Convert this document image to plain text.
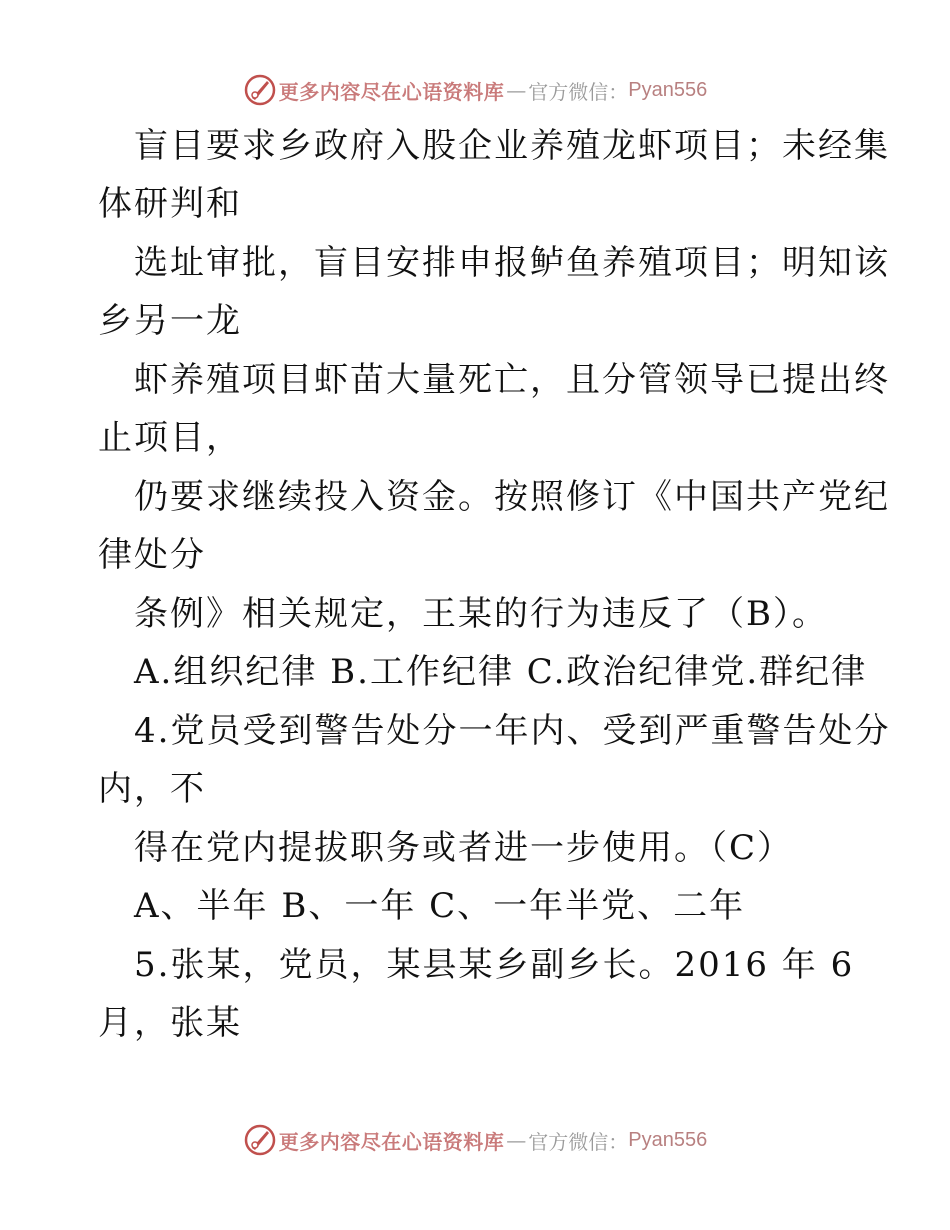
更多内容尽在心语资料库 — 官方微信： Pyan556
盲目要求乡政府入股企业养殖龙虾项目；未经集
体研判和
选址审批，盲目安排申报鲈鱼养殖项目；明知该
乡另一龙
虾养殖项目虾苗大量死亡，且分管领导已提出终
止项目，
仍要求继续投入资金。按照修订《中国共产党纪
律处分
条例》相关规定，王某的行为违反了（B）。
A.组织纪律 B.工作纪律 C.政治纪律党.群纪律
4.党员受到警告处分一年内、受到严重警告处分
内，不
得在党内提拔职务或者进一步使用。（C）
A、半年 B、一年 C、一年半党、二年
5.张某，党员，某县某乡副乡长。2016 年 6
月，张某
更多内容尽在心语资料库 — 官方微信： Pyan556
